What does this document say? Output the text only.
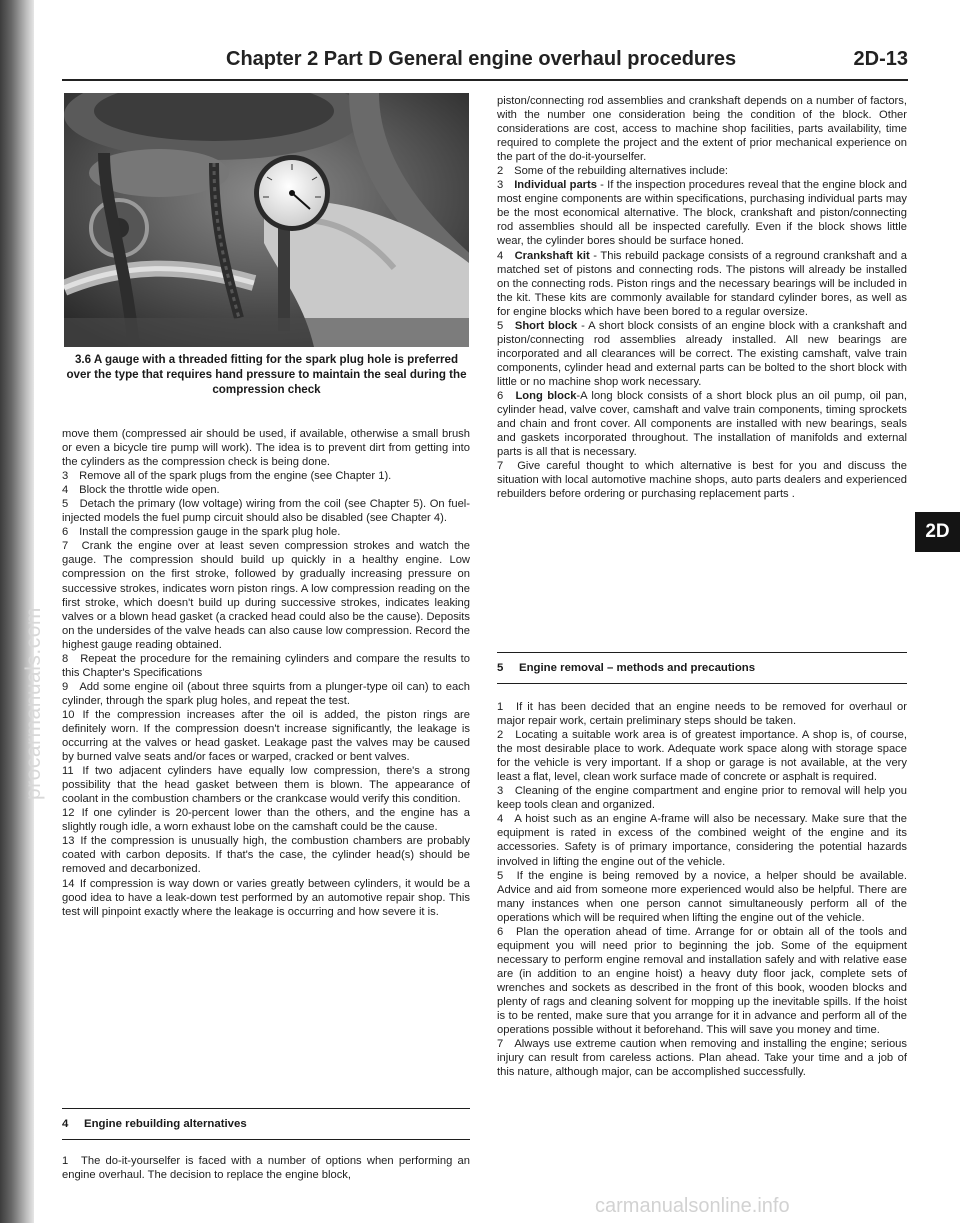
procarmanuals.com
Chapter 2 Part D General engine overhaul procedures	2D-13
3.6 A gauge with a threaded fitting for the spark plug hole is preferred over the type that requires hand pressure to maintain the seal during the compression check

move them (compressed air should be used, if available, otherwise a small brush or even a bicycle tire pump will work). The idea is to prevent dirt from getting into the cylinders as the compression check is being done.

3 Remove all of the spark plugs from the engine (see Chapter 1).

4 Block the throttle wide open.

5 Detach the primary (low voltage) wiring from the coil (see Chapter 5). On fuel-injected models the fuel pump circuit should also be disabled (see Chapter 4).

6 Install the compression gauge in the spark plug hole.

7 Crank the engine over at least seven compression strokes and watch the gauge. The compression should build up quickly in a healthy engine. Low compression on the first stroke, followed by gradually increasing pressure on successive strokes, indicates worn piston rings. A low compression reading on the first stroke, which doesn't build up during successive strokes, indicates leaking valves or a blown head gasket (a cracked head could also be the cause). Deposits on the undersides of the valve heads can also cause low compression. Record the highest gauge reading obtained.

8 Repeat the procedure for the remaining cylinders and compare the results to this Chapter's Specifications

9 Add some engine oil (about three squirts from a plunger-type oil can) to each cylinder, through the spark plug holes, and repeat the test.

10 If the compression increases after the oil is added, the piston rings are definitely worn. If the compression doesn't increase significantly, the leakage is occurring at the valves or head gasket. Leakage past the valves may be caused by burned valve seats and/or faces or warped, cracked or bent valves.

11 If two adjacent cylinders have equally low compression, there's a strong possibility that the head gasket between them is blown. The appearance of coolant in the combustion chambers or the crankcase would verify this condition.

12 If one cylinder is 20-percent lower than the others, and the engine has a slightly rough idle, a worn exhaust lobe on the camshaft could be the cause.

13 If the compression is unusually high, the combustion chambers are probably coated with carbon deposits. If that's the case, the cylinder head(s) should be removed and decarbonized.

14 If compression is way down or varies greatly between cylinders, it would be a good idea to have a leak-down test performed by an automotive repair shop. This test will pinpoint exactly where the leakage is occurring and how severe it is.

4 Engine rebuilding alternatives

1 The do-it-yourselfer is faced with a number of options when performing an engine overhaul. The decision to replace the engine block,

piston/connecting rod assemblies and crankshaft depends on a number of factors, with the number one consideration being the condition of the block. Other considerations are cost, access to machine shop facilities, parts availability, time required to complete the project and the extent of prior mechanical experience on the part of the do-it-yourselfer.

2 Some of the rebuilding alternatives include:

3 Individual parts - If the inspection procedures reveal that the engine block and most engine components are within specifications, purchasing individual parts may be the most economical alternative. The block, crankshaft and piston/connecting rod assemblies should all be inspected carefully. Even if the block shows little wear, the cylinder bores should be surface honed.

4 Crankshaft kit - This rebuild package consists of a reground crankshaft and a matched set of pistons and connecting rods. The pistons will already be installed on the connecting rods. Piston rings and the necessary bearings will be included in the kit. These kits are commonly available for standard cylinder bores, as well as for engine blocks which have been bored to a regular oversize.

5 Short block - A short block consists of an engine block with a crankshaft and piston/connecting rod assemblies already installed. All new bearings are incorporated and all clearances will be correct. The existing camshaft, valve train components, cylinder head and external parts can be bolted to the short block with little or no machine shop work necessary.

6 Long block-A long block consists of a short block plus an oil pump, oil pan, cylinder head, valve cover, camshaft and valve train components, timing sprockets and chain and front cover. All components are installed with new bearings, seals and gaskets incorporated throughout. The installation of manifolds and external parts is all that is necessary.

7 Give careful thought to which alternative is best for you and discuss the situation with local automotive machine shops, auto parts dealers and experienced rebuilders before ordering or purchasing replacement parts .

5 Engine removal – methods and precautions

1 If it has been decided that an engine needs to be removed for overhaul or major repair work, certain preliminary steps should be taken.

2 Locating a suitable work area is of greatest importance. A shop is, of course, the most desirable place to work. Adequate work space along with storage space for the vehicle is very important. If a shop or garage is not available, at the very least a flat, level, clean work surface made of concrete or asphalt is required.

3 Cleaning of the engine compartment and engine prior to removal will help you keep tools clean and organized.

4 A hoist such as an engine A-frame will also be necessary. Make sure that the equipment is rated in excess of the combined weight of the engine and its accessories. Safety is of primary importance, considering the potential hazards involved in lifting the engine out of the vehicle.

5 If the engine is being removed by a novice, a helper should be available. Advice and aid from someone more experienced would also be helpful. There are many instances when one person cannot simultaneously perform all of the operations which will be required when lifting the engine out of the vehicle.

6 Plan the operation ahead of time. Arrange for or obtain all of the tools and equipment you will need prior to beginning the job. Some of the equipment necessary to perform engine removal and installation safely and with relative ease are (in addition to an engine hoist) a heavy duty floor jack, complete sets of wrenches and sockets as described in the front of this book, wooden blocks and plenty of rags and cleaning solvent for mopping up the inevitable spills. If the hoist is to be rented, make sure that you arrange for it in advance and perform all of the operations possible without it beforehand. This will save you money and time.

7 Always use extreme caution when removing and installing the engine; serious injury can result from careless actions. Plan ahead. Take your time and a job of this nature, although major, can be accomplished successfully.

2D
carmanualsonline.info
